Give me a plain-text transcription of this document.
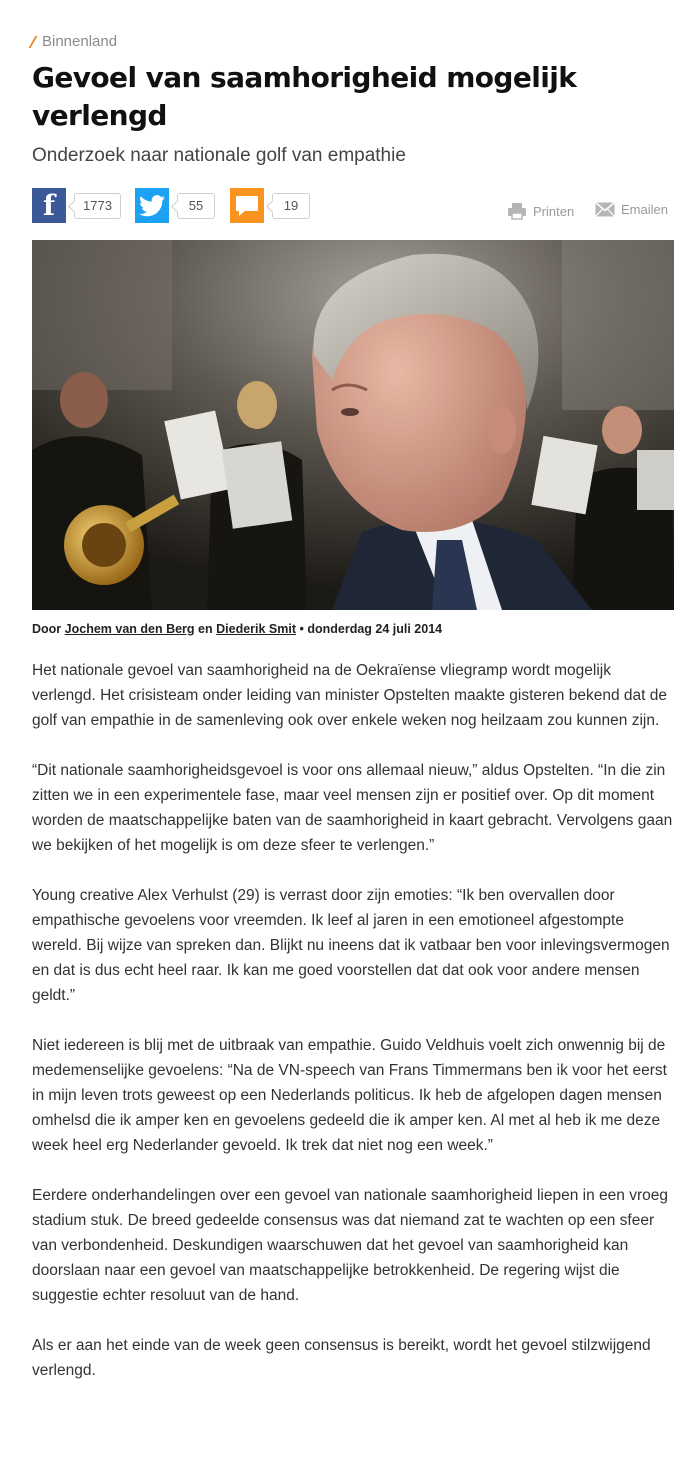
Binnenland
Gevoel van saamhorigheid mogelijk verlengd
Onderzoek naar nationale golf van empathie
f	1773	55	19	Printen	Emailen
Door Jochem van den Berg en Diederik Smit • donderdag 24 juli 2014

Het nationale gevoel van saamhorigheid na de Oekraïense vliegramp wordt mogelijk verlengd. Het crisisteam onder leiding van minister Opstelten maakte gisteren bekend dat de golf van empathie in de samenleving ook over enkele weken nog heilzaam zou kunnen zijn.

“Dit nationale saamhorigheidsgevoel is voor ons allemaal nieuw,” aldus Opstelten. “In die zin zitten we in een experimentele fase, maar veel mensen zijn er positief over. Op dit moment worden de maatschappelijke baten van de saamhorigheid in kaart gebracht. Vervolgens gaan we bekijken of het mogelijk is om deze sfeer te verlengen.”

Young creative Alex Verhulst (29) is verrast door zijn emoties: “Ik ben overvallen door empathische gevoelens voor vreemden. Ik leef al jaren in een emotioneel afgestompte wereld. Bij wijze van spreken dan. Blijkt nu ineens dat ik vatbaar ben voor inlevingsvermogen en dat is dus echt heel raar. Ik kan me goed voorstellen dat dat ook voor andere mensen geldt.”

Niet iedereen is blij met de uitbraak van empathie. Guido Veldhuis voelt zich onwennig bij de medemenselijke gevoelens: “Na de VN-speech van Frans Timmermans ben ik voor het eerst in mijn leven trots geweest op een Nederlands politicus. Ik heb de afgelopen dagen mensen omhelsd die ik amper ken en gevoelens gedeeld die ik amper ken. Al met al heb ik me deze week heel erg Nederlander gevoeld. Ik trek dat niet nog een week.”

Eerdere onderhandelingen over een gevoel van nationale saamhorigheid liepen in een vroeg stadium stuk. De breed gedeelde consensus was dat niemand zat te wachten op een sfeer van verbondenheid. Deskundigen waarschuwen dat het gevoel van saamhorigheid kan doorslaan naar een gevoel van maatschappelijke betrokkenheid. De regering wijst die suggestie echter resoluut van de hand.

Als er aan het einde van de week geen consensus is bereikt, wordt het gevoel stilzwijgend verlengd.
